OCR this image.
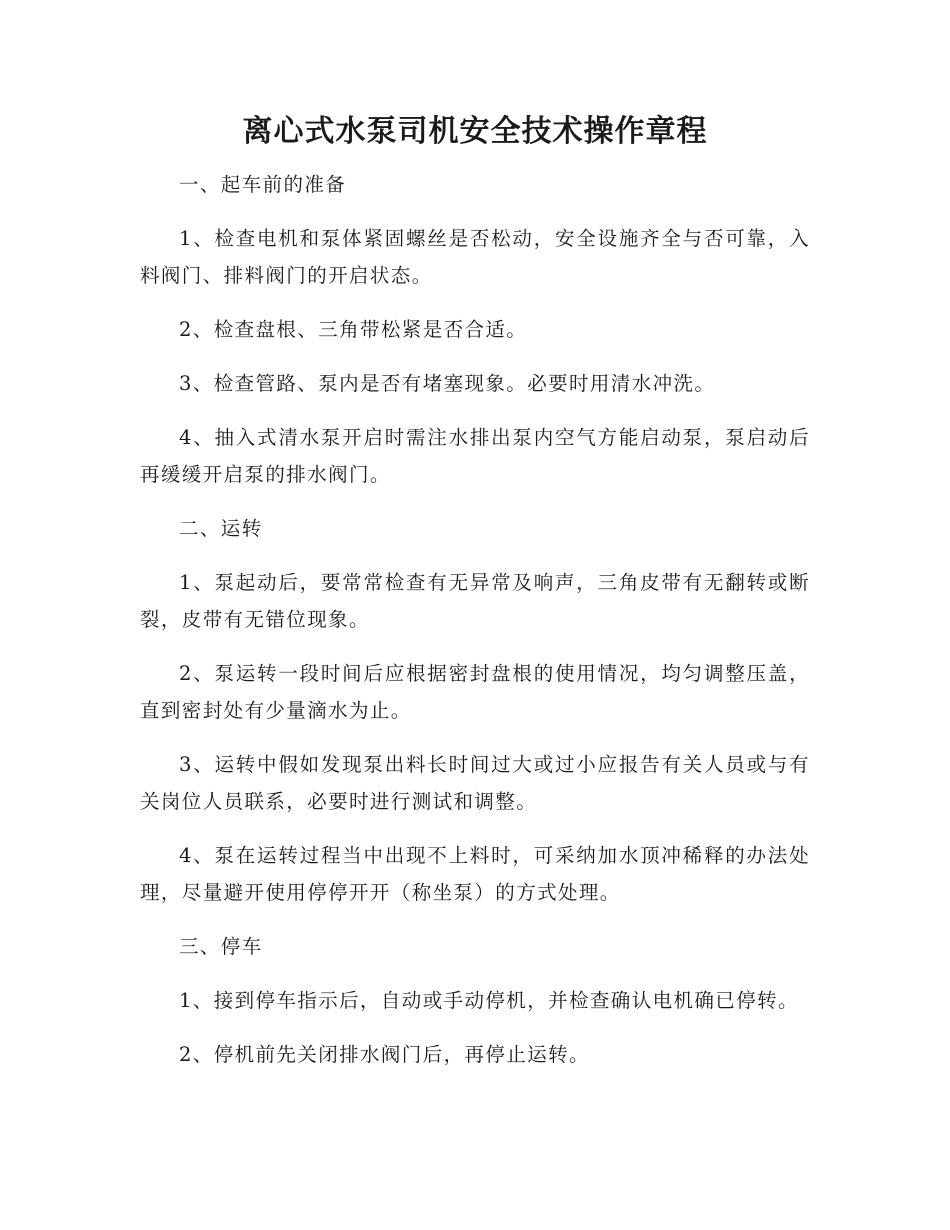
离心式水泵司机安全技术操作章程

一、起车前的准备

1、检查电机和泵体紧固螺丝是否松动，安全设施齐全与否可靠，入料阀门、排料阀门的开启状态。

2、检查盘根、三角带松紧是否合适。

3、检查管路、泵内是否有堵塞现象。必要时用清水冲洗。

4、抽入式清水泵开启时需注水排出泵内空气方能启动泵，泵启动后再缓缓开启泵的排水阀门。

二、运转

1、泵起动后，要常常检查有无异常及响声，三角皮带有无翻转或断裂，皮带有无错位现象。

2、泵运转一段时间后应根据密封盘根的使用情况，均匀调整压盖，直到密封处有少量滴水为止。

3、运转中假如发现泵出料长时间过大或过小应报告有关人员或与有关岗位人员联系，必要时进行测试和调整。

4、泵在运转过程当中出现不上料时，可采纳加水顶冲稀释的办法处理，尽量避开使用停停开开（称坐泵）的方式处理。

三、停车

1、接到停车指示后，自动或手动停机，并检查确认电机确已停转。

2、停机前先关闭排水阀门后，再停止运转。
